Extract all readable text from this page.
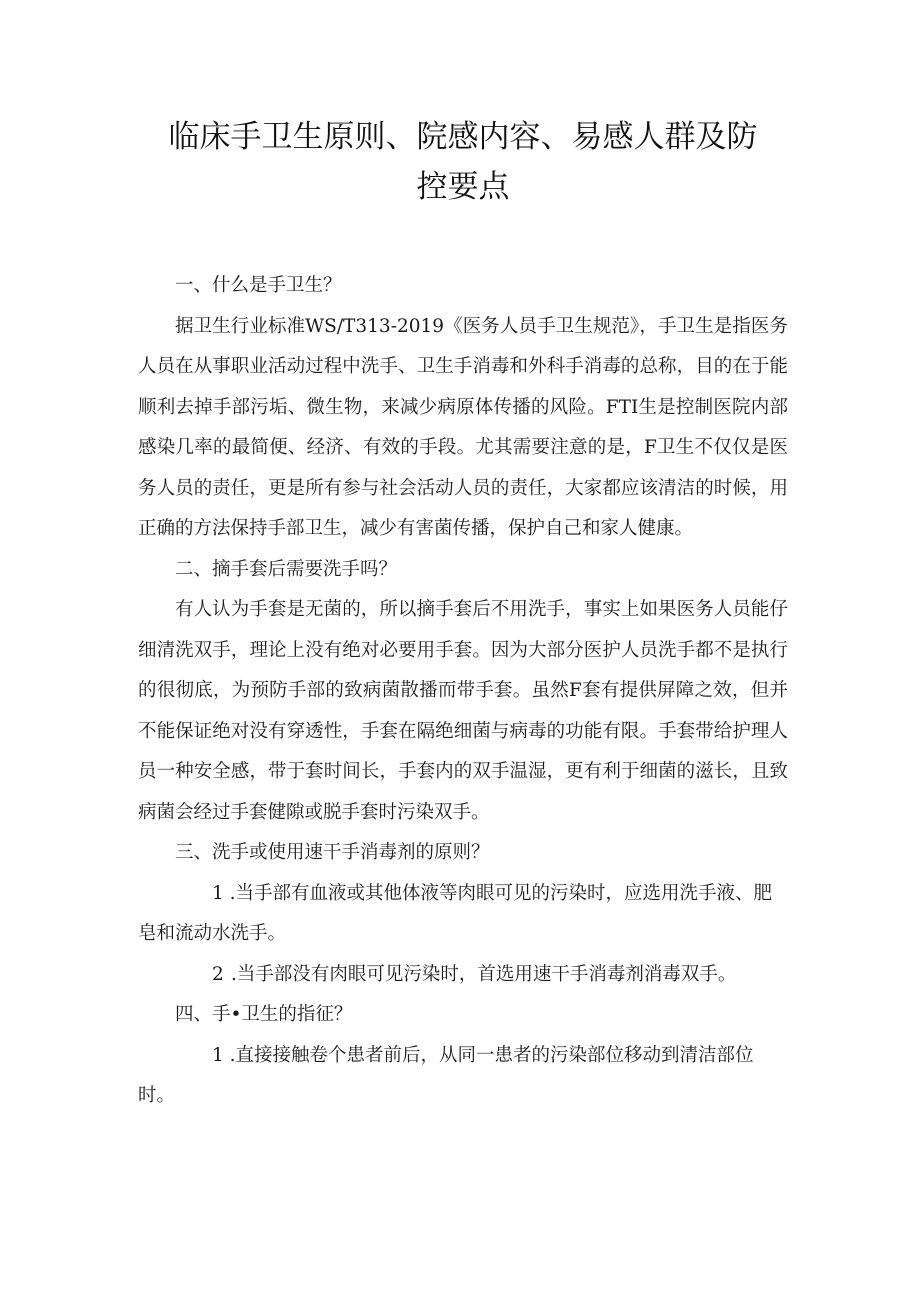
临床手卫生原则、院感内容、易感人群及防
控要点

一、什么是手卫生？

据卫生行业标准WS/T313-2019《医务人员手卫生规范》，手卫生是指医务人员在从事职业活动过程中洗手、卫生手消毒和外科手消毒的总称，目的在于能顺利去掉手部污垢、微生物，来减少病原体传播的风险。FTI生是控制医院内部感染几率的最简便、经济、有效的手段。尤其需要注意的是，F卫生不仅仅是医务人员的责任，更是所有参与社会活动人员的责任，大家都应该清洁的时候，用正确的方法保持手部卫生，减少有害菌传播，保护自己和家人健康。

二、摘手套后需要洗手吗？

有人认为手套是无菌的，所以摘手套后不用洗手，事实上如果医务人员能仔细清洗双手，理论上没有绝对必要用手套。因为大部分医护人员洗手都不是执行的很彻底，为预防手部的致病菌散播而带手套。虽然F套有提供屏障之效，但并不能保证绝对没有穿透性，手套在隔绝细菌与病毒的功能有限。手套带给护理人员一种安全感，带于套时间长，手套内的双手温湿，更有利于细菌的滋长，且致病菌会经过手套健隙或脱手套时污染双手。

三、洗手或使用速干手消毒剂的原则？

1 .当手部有血液或其他体液等肉眼可见的污染时，应选用洗手液、肥皂和流动水洗手。

2 .当手部没有肉眼可见污染时，首选用速干手消毒剂消毒双手。

四、手•卫生的指征？

1 .直接接触卷个患者前后，从同一患者的污染部位移动到清洁部位时。
